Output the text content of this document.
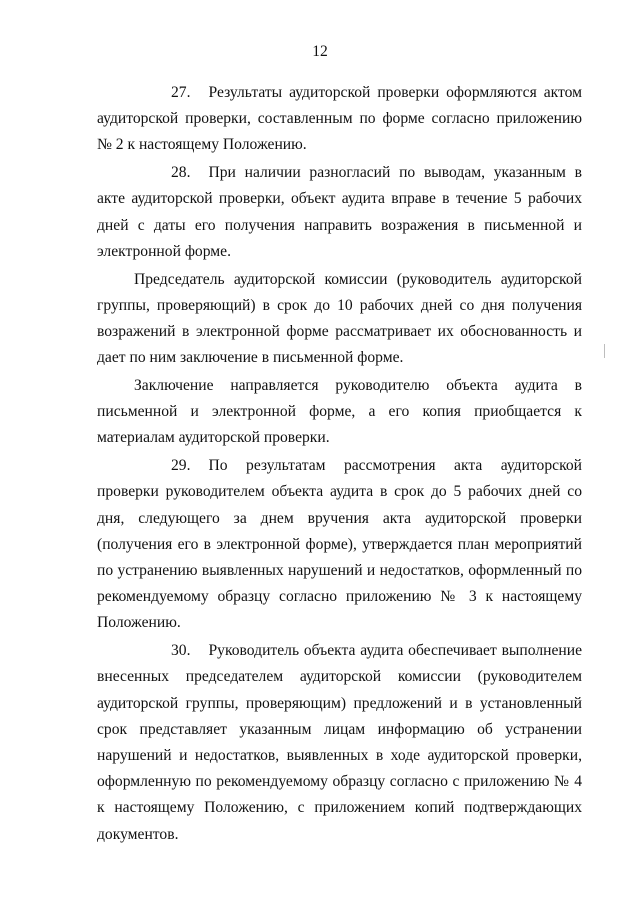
12

27. Результаты аудиторской проверки оформляются актом аудиторской проверки, составленным по форме согласно приложению № 2 к настоящему Положению.

28. При наличии разногласий по выводам, указанным в акте аудиторской проверки, объект аудита вправе в течение 5 рабочих дней с даты его получения направить возражения в письменной и электронной форме.

Председатель аудиторской комиссии (руководитель аудиторской группы, проверяющий) в срок до 10 рабочих дней со дня получения возражений в электронной форме рассматривает их обоснованность и дает по ним заключение в письменной форме.

Заключение направляется руководителю объекта аудита в письменной и электронной форме, а его копия приобщается к материалам аудиторской проверки.

29. По результатам рассмотрения акта аудиторской проверки руководителем объекта аудита в срок до 5 рабочих дней со дня, следующего за днем вручения акта аудиторской проверки (получения его в электронной форме), утверждается план мероприятий по устранению выявленных нарушений и недостатков, оформленный по рекомендуемому образцу согласно приложению № 3 к настоящему Положению.

30. Руководитель объекта аудита обеспечивает выполнение внесенных председателем аудиторской комиссии (руководителем аудиторской группы, проверяющим) предложений и в установленный срок представляет указанным лицам информацию об устранении нарушений и недостатков, выявленных в ходе аудиторской проверки, оформленную по рекомендуемому образцу согласно с приложению № 4 к настоящему Положению, с приложением копий подтверждающих документов.
